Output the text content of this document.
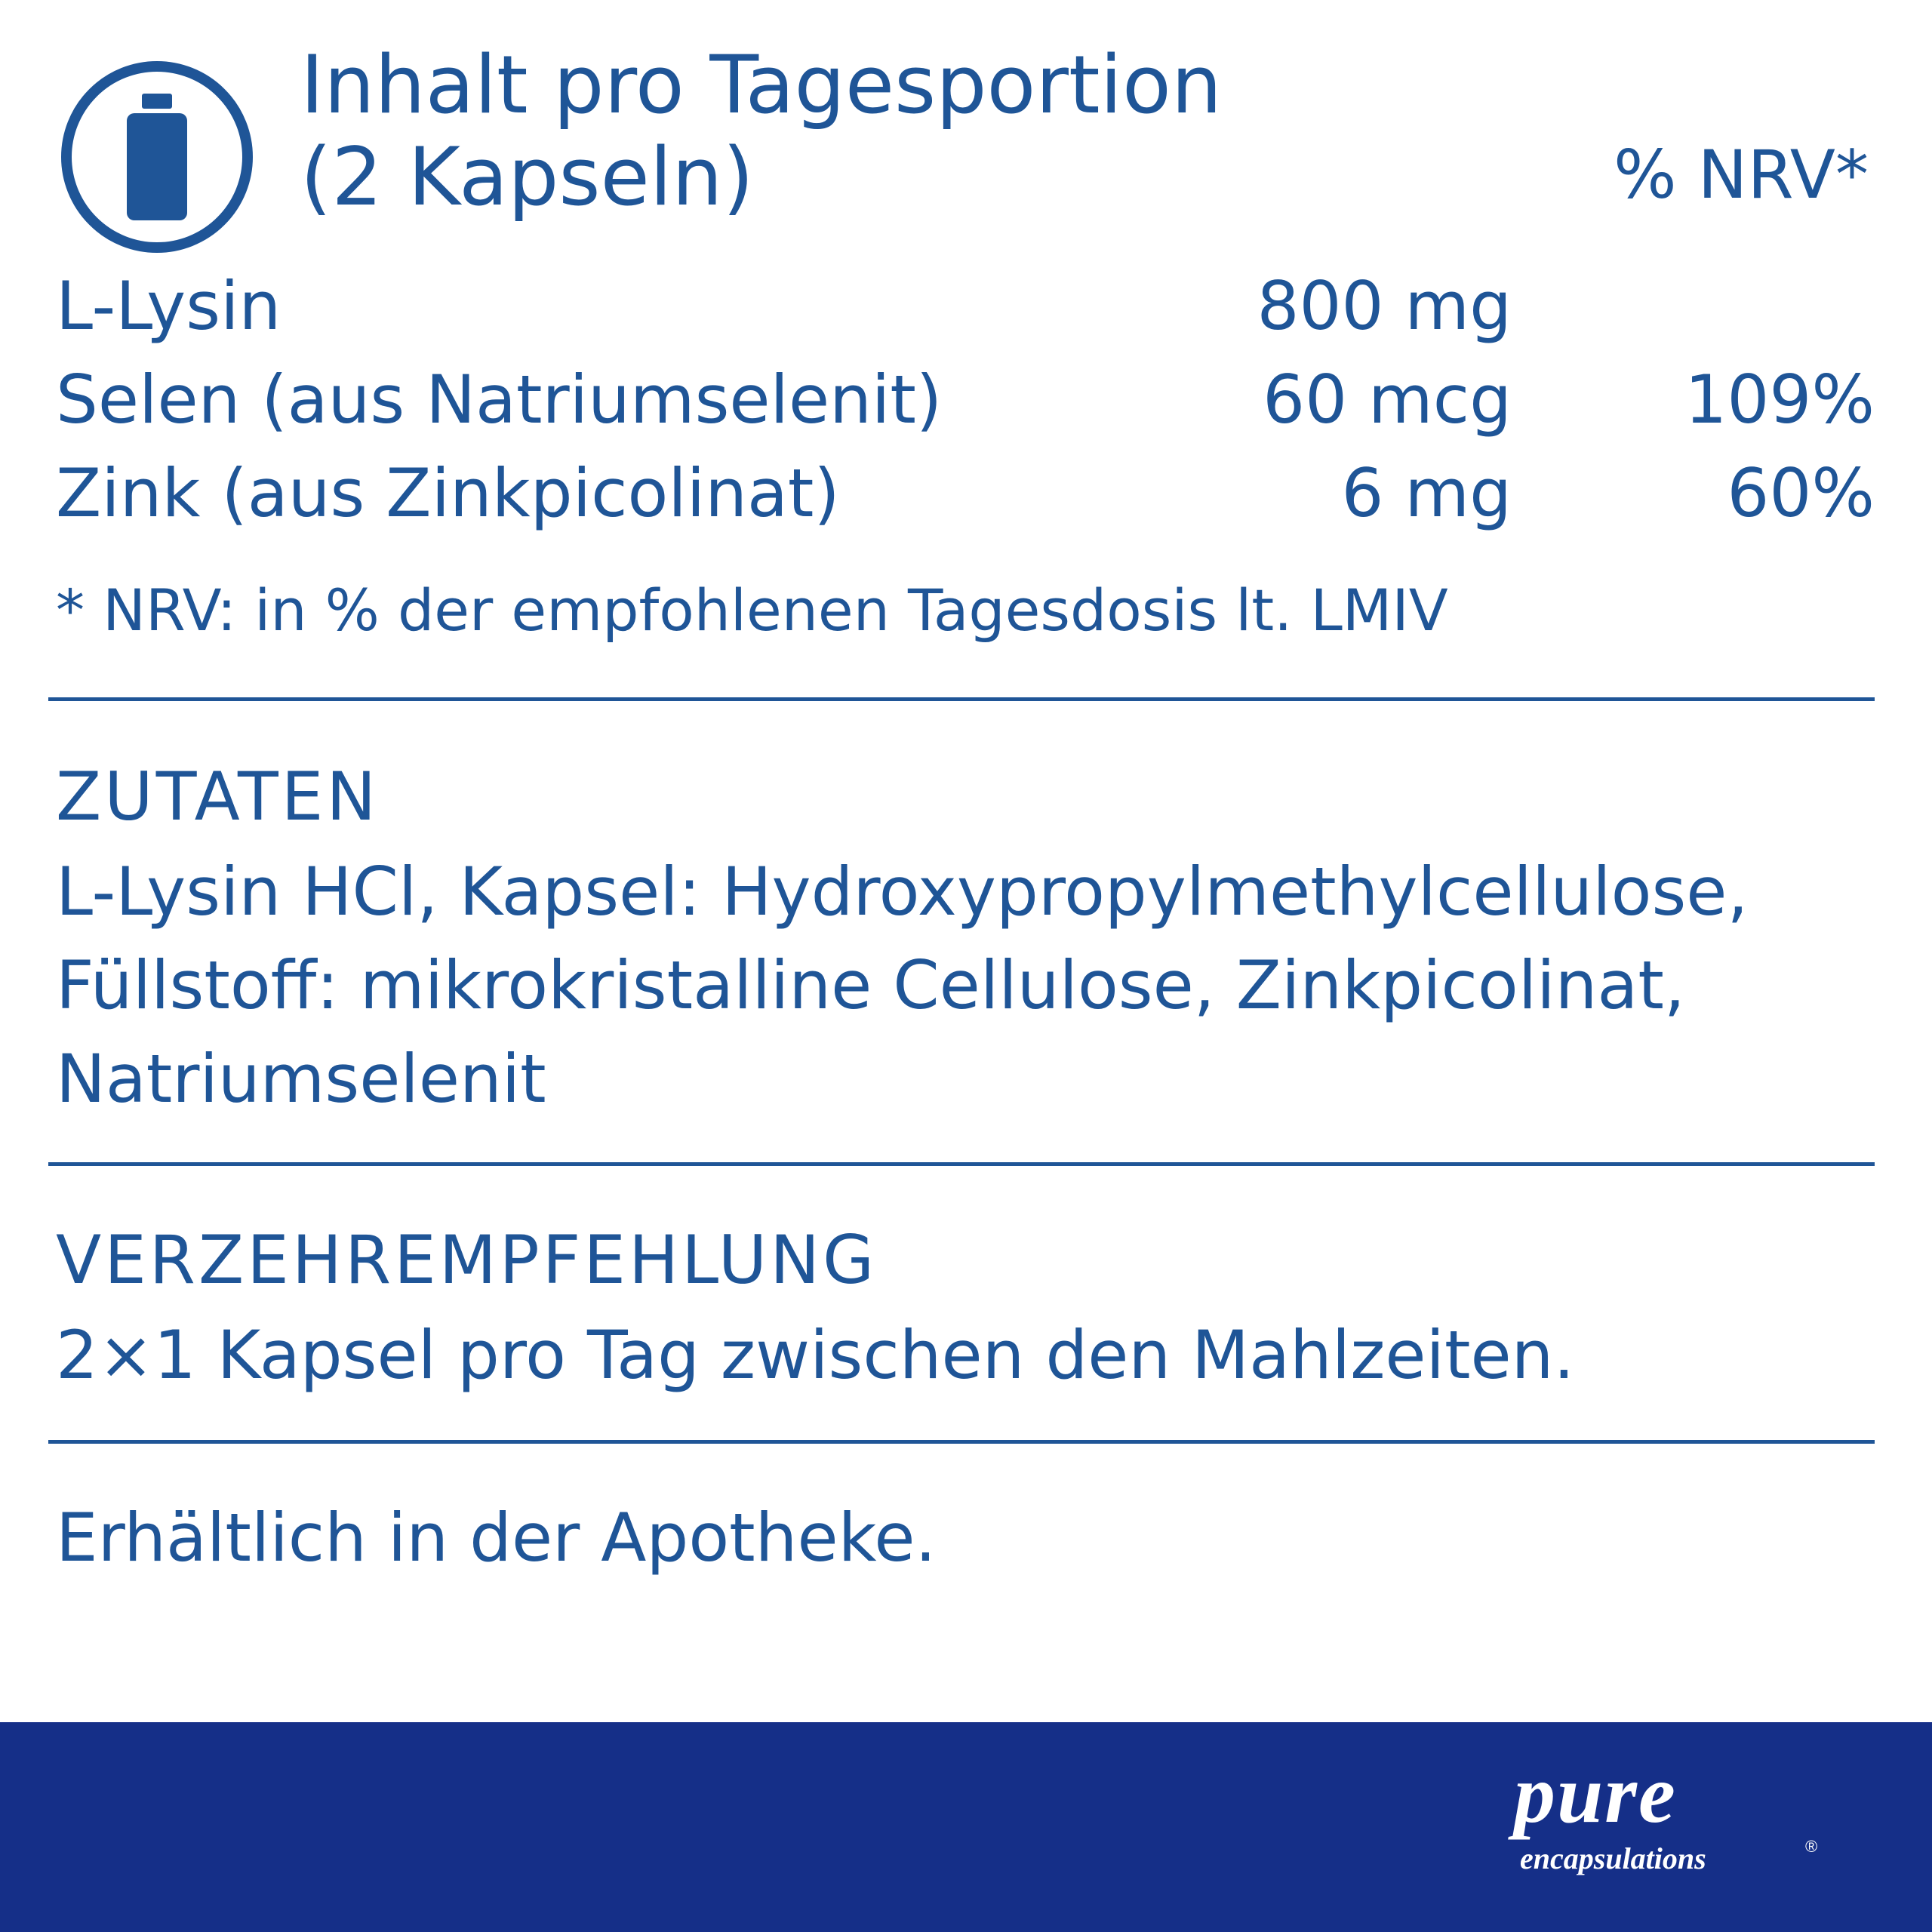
Inhalt pro Tagesportion
(2 Kapseln)	% NRV*
L-Lysin	800 mg
Selen (aus Natriumselenit)	60 mcg	109%
Zink (aus Zinkpicolinat)	6 mg	60%
* NRV: in % der empfohlenen Tagesdosis lt. LMIV
ZUTATEN
L-Lysin HCl, Kapsel: Hydroxypropylmethylcellulose,
Füllstoff: mikrokristalline Cellulose, Zinkpicolinat,
Natriumselenit
VERZEHREMPFEHLUNG
2×1 Kapsel pro Tag zwischen den Mahlzeiten.
Erhältlich in der Apotheke.
pure
encapsulations	®
